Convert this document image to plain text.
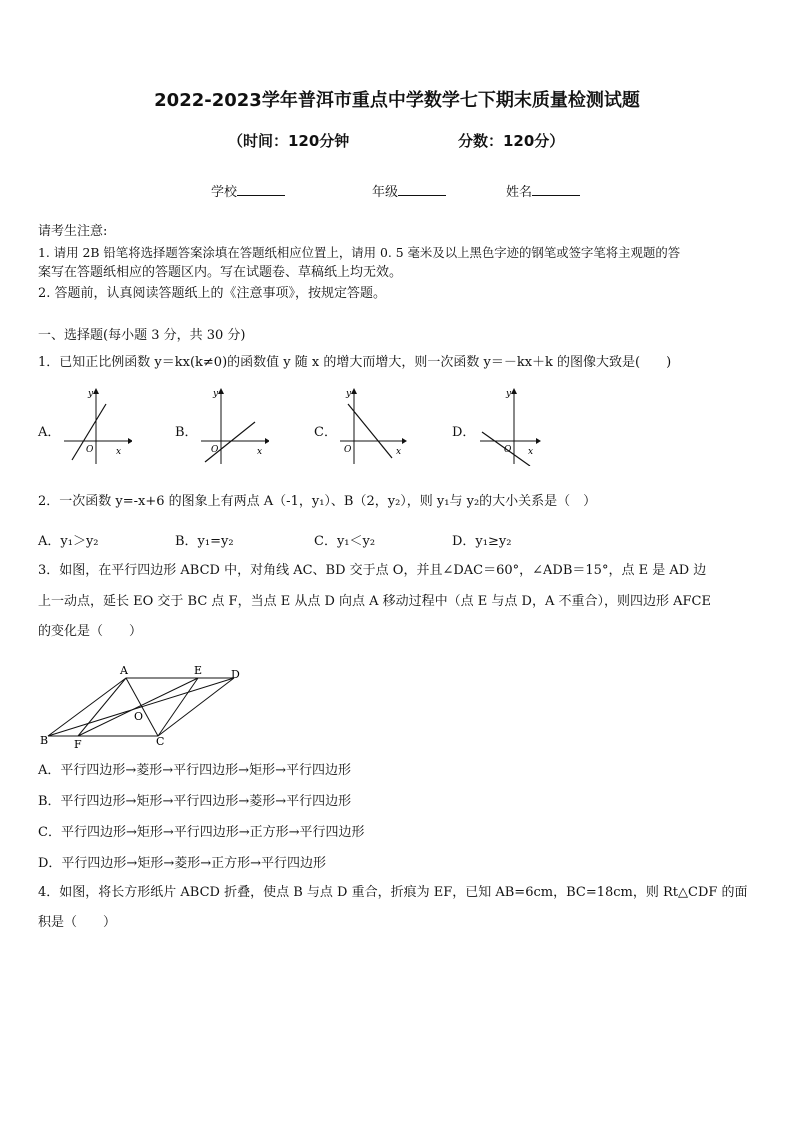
2022-2023学年普洱市重点中学数学七下期末质量检测试题
（时间：120分钟	分数：120分）
学校	年级	姓名
请考生注意:
1. 请用 2B 铅笔将选择题答案涂填在答题纸相应位置上，请用 0. 5 毫米及以上黑色字迹的钢笔或签字笔将主观题的答
案写在答题纸相应的答题区内。写在试题卷、草稿纸上均无效。
2. 答题前，认真阅读答题纸上的《注意事项》，按规定答题。
一、选择题(每小题 3 分，共 30 分)
1．已知正比例函数 y＝kx(k≠0)的函数值 y 随 x 的增大而增大，则一次函数 y＝－kx＋k 的图像大致是(　　)
A．
y
x
O
B．
y
x
O
C．
y
x
O
D．
y
x
O
2．一次函数 y=-x+6 的图象上有两点 A（-1，y₁）、B（2，y₂），则 y₁与 y₂的大小关系是（　）
A．y₁＞y₂	B．y₁=y₂	C．y₁＜y₂	D．y₁≥y₂
3．如图，在平行四边形 ABCD 中，对角线 AC、BD 交于点 O，并且∠DAC＝60°，∠ADB＝15°，点 E 是 AD 边
上一动点，延长 EO 交于 BC 点 F，当点 E 从点 D 向点 A 移动过程中（点 E 与点 D，A 不重合），则四边形 AFCE
的变化是（　　）
A	E	D
O
B F	C
A．平行四边形→菱形→平行四边形→矩形→平行四边形
B．平行四边形→矩形→平行四边形→菱形→平行四边形
C．平行四边形→矩形→平行四边形→正方形→平行四边形
D．平行四边形→矩形→菱形→正方形→平行四边形
4．如图，将长方形纸片 ABCD 折叠，使点 B 与点 D 重合，折痕为 EF，已知 AB=6cm，BC=18cm，则 Rt△CDF 的面
积是（　　）
